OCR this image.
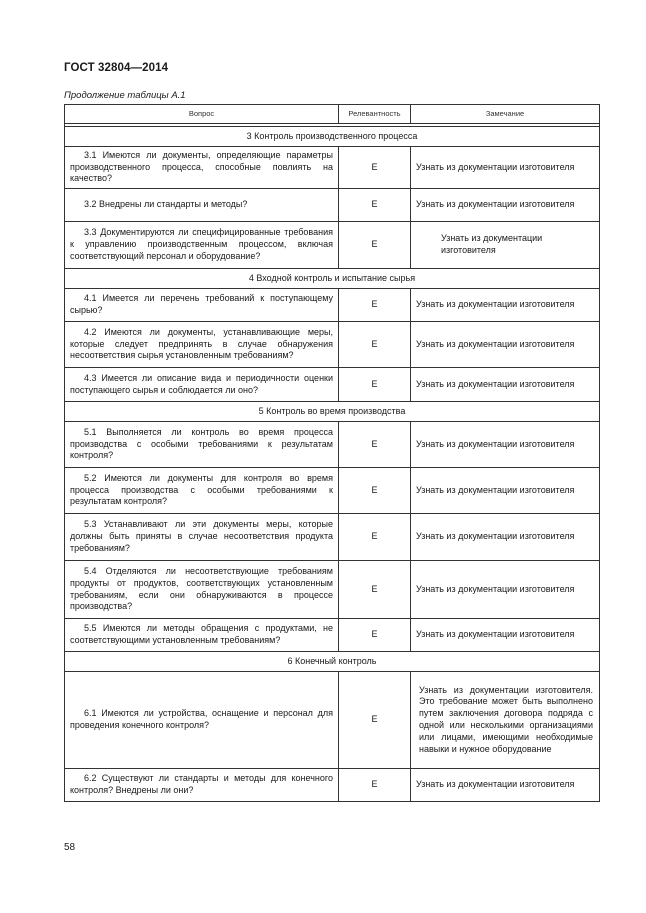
ГОСТ 32804—2014
Продолжение таблицы А.1
Вопрос	Релевантность	Замечание

3 Контроль производственного процесса		
3.1 Имеются ли документы, определяющие параметры производственного процесса, способные повлиять на качество?	E	Узнать из документации изготовителя
3.2 Внедрены ли стандарты и методы?	E	Узнать из документации изготовителя
3.3 Документируются ли специфицированные требования к управлению производственным процессом, включая соответствующий персонал и оборудование?	E	Узнать из документации изготовителя
4 Входной контроль и испытание сырья		
4.1 Имеется ли перечень требований к поступающему сырью?	E	Узнать из документации изготовителя
4.2 Имеются ли документы, устанавливающие меры, которые следует предпринять в случае обнаружения несоответствия сырья установленным требованиям?	E	Узнать из документации изготовителя
4.3 Имеется ли описание вида и периодичности оценки поступающего сырья и соблюдается ли оно?	E	Узнать из документации изготовителя
5 Контроль во время производства		
5.1 Выполняется ли контроль во время процесса производства с особыми требованиями к результатам контроля?	E	Узнать из документации изготовителя
5.2 Имеются ли документы для контроля во время процесса производства с особыми требованиями к результатам контроля?	E	Узнать из документации изготовителя
5.3 Устанавливают ли эти документы меры, которые должны быть приняты в случае несоответствия продукта требованиям?	E	Узнать из документации изготовителя
5.4 Отделяются ли несоответствующие требованиям продукты от продуктов, соответствующих установленным требованиям, если они обнаруживаются в процессе производства?	E	Узнать из документации изготовителя
5.5 Имеются ли методы обращения с продуктами, не соответствующими установленным требованиям?	E	Узнать из документации изготовителя
6 Конечный контроль		
6.1 Имеются ли устройства, оснащение и персонал для проведения конечного контроля?	E	Узнать из документации изготовителя. Это требование может быть выполнено путем заключения договора подряда с одной или несколькими организациями или лицами, имеющими необходимые навыки и нужное оборудование
6.2 Существуют ли стандарты и методы для конечного контроля? Внедрены ли они?	E	Узнать из документации изготовителя
58
